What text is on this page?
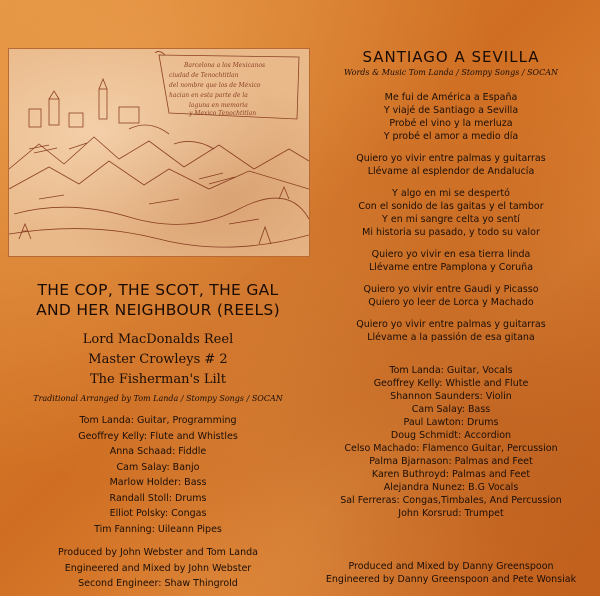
Barcelona a los Mexicanos
ciudad de Tenochtitlan
del nombre que los de México
hacian en esta parte de la
laguna en memoria
y Mexico Tenochtitlan

THE COP, THE SCOT, THE GAL
AND HER NEIGHBOUR (REELS)

Lord MacDonalds Reel

Master Crowleys # 2

The Fisherman's Lilt

Traditional Arranged by Tom Landa / Stompy Songs / SOCAN

Tom Landa: Guitar, Programming

Geoffrey Kelly: Flute and Whistles

Anna Schaad: Fiddle

Cam Salay: Banjo

Marlow Holder: Bass

Randall Stoll: Drums

Elliot Polsky: Congas

Tim Fanning: Uileann Pipes

Produced by John Webster and Tom Landa

Engineered and Mixed by John Webster

Second Engineer: Shaw Thingrold

SANTIAGO A SEVILLA

Words & Music Tom Landa / Stompy Songs / SOCAN

Me fui de América a España

Y viajé de Santiago a Sevilla

Probé el vino y la merluza

Y probé el amor a medio día

Quiero yo vivir entre palmas y guitarras

Llévame al esplendor de Andalucía

Y algo en mi se despertó

Con el sonido de las gaitas y el tambor

Y en mi sangre celta yo sentí

Mi historia su pasado, y todo su valor

Quiero yo vivir en esa tierra linda

Llévame entre Pamplona y Coruña

Quiero yo vivir entre Gaudi y Picasso

Quiero yo leer de Lorca y Machado

Quiero yo vivir entre palmas y guitarras

Llévame a la passión de esa gitana

Tom Landa: Guitar, Vocals

Geoffrey Kelly: Whistle and Flute

Shannon Saunders: Violin

Cam Salay: Bass

Paul Lawton: Drums

Doug Schmidt: Accordion

Celso Machado: Flamenco Guitar, Percussion

Palma Bjarnason: Palmas and Feet

Karen Buthroyd: Palmas and Feet

Alejandra Nunez: B.G Vocals

Sal Ferreras: Congas,Timbales, And Percussion

John Korsrud: Trumpet

Produced and Mixed by Danny Greenspoon

Engineered by Danny Greenspoon and Pete Wonsiak
